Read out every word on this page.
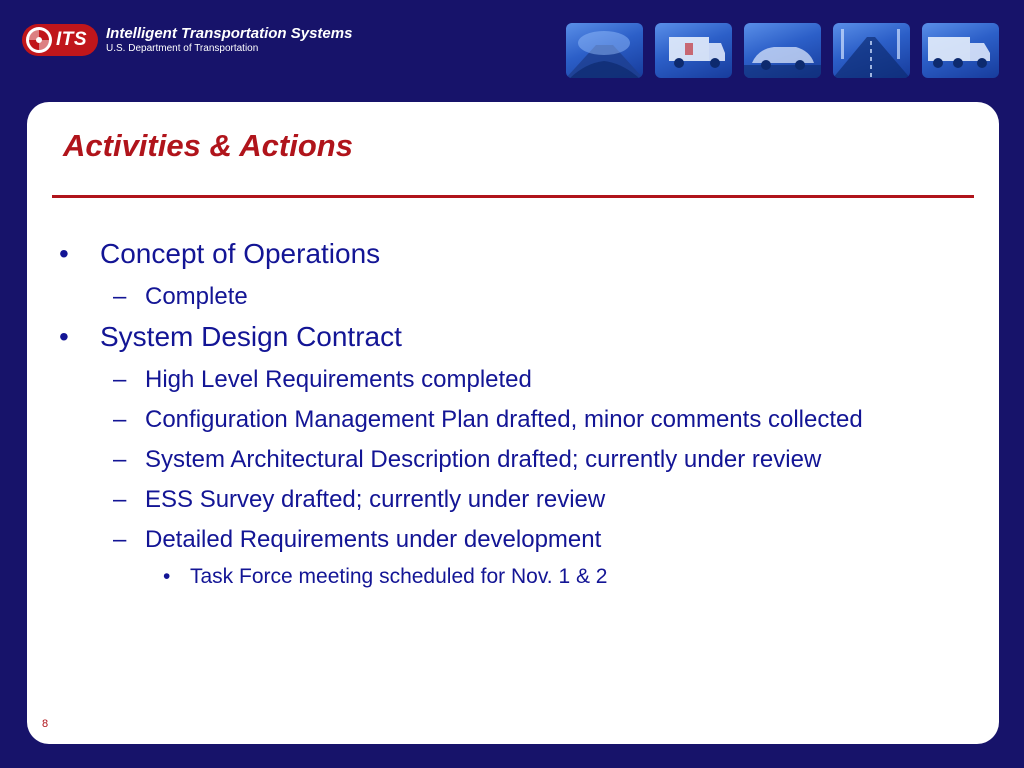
ITS Intelligent Transportation Systems
U.S. Department of Transportation
Activities & Actions
• Concept of Operations
– Complete
• System Design Contract
– High Level Requirements completed
– Configuration Management Plan drafted, minor comments collected
– System Architectural Description drafted; currently under review
– ESS Survey drafted; currently under review
– Detailed Requirements under development
• Task Force meeting scheduled for Nov. 1 & 2
8
